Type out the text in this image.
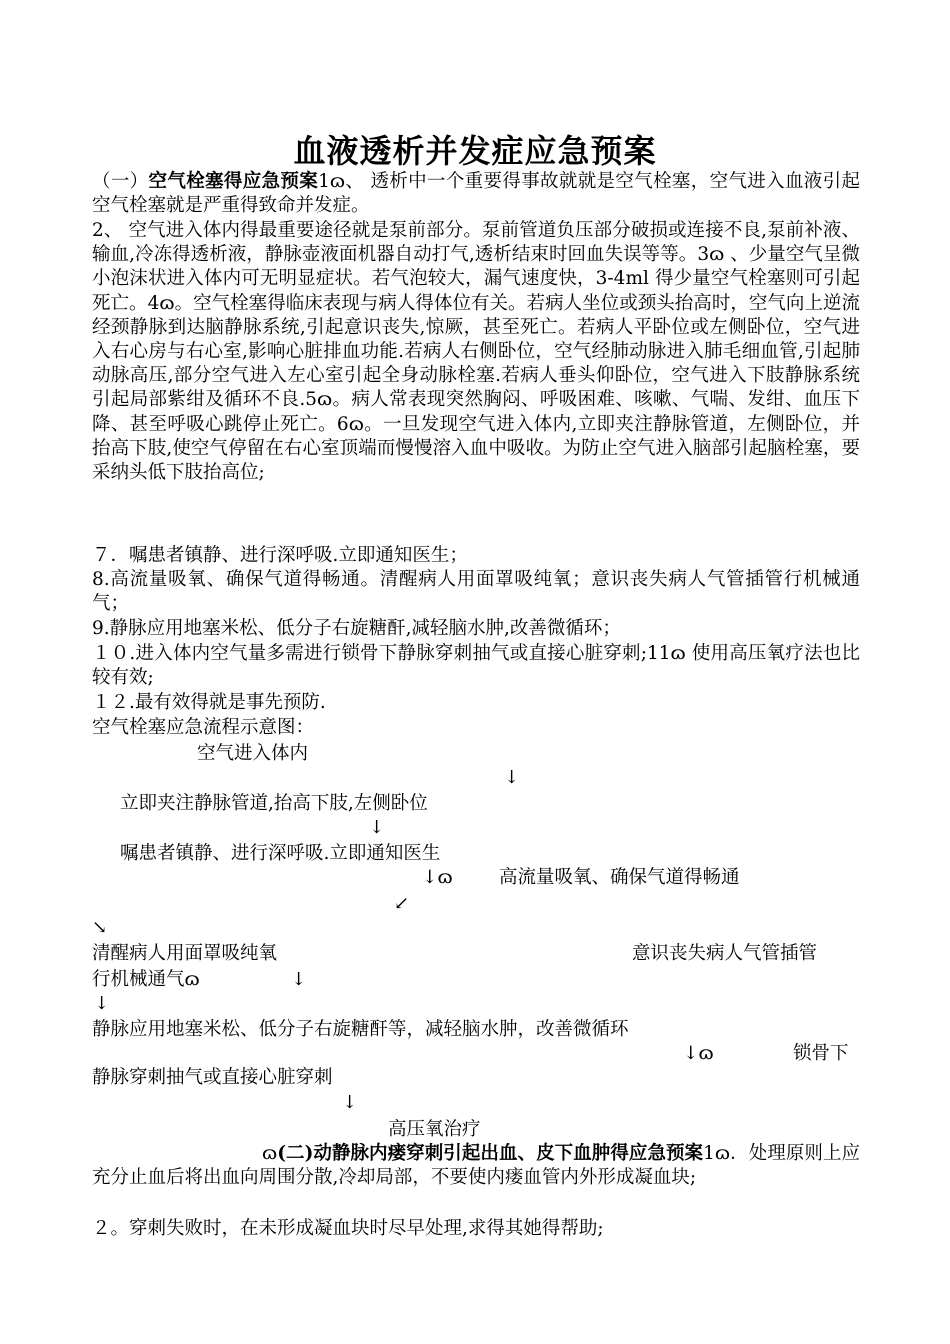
血液透析并发症应急预案
（一）空气栓塞得应急预案1ɷ、 透析中一个重要得事故就就是空气栓塞，空气进入血液引起空气栓塞就是严重得致命并发症。
2、 空气进入体内得最重要途径就是泵前部分。泵前管道负压部分破损或连接不良,泵前补液、输血,冷冻得透析液，静脉壶液面机器自动打气,透析结束时回血失误等等。3ɷ 、少量空气呈微小泡沫状进入体内可无明显症状。若气泡较大，漏气速度快，3-4ml 得少量空气栓塞则可引起死亡。4ɷ。空气栓塞得临床表现与病人得体位有关。若病人坐位或颈头抬高时，空气向上逆流经颈静脉到达脑静脉系统,引起意识丧失,惊厥，甚至死亡。若病人平卧位或左侧卧位，空气进入右心房与右心室,影响心脏排血功能.若病人右侧卧位，空气经肺动脉进入肺毛细血管,引起肺动脉高压,部分空气进入左心室引起全身动脉栓塞.若病人垂头仰卧位，空气进入下肢静脉系统引起局部紫绀及循环不良.5ɷ。病人常表现突然胸闷、呼吸困难、咳嗽、气喘、发绀、血压下降、甚至呼吸心跳停止死亡。6ɷ。一旦发现空气进入体内,立即夹注静脉管道，左侧卧位，并抬高下肢,使空气停留在右心室顶端而慢慢溶入血中吸收。为防止空气进入脑部引起脑栓塞，要采纳头低下肢抬高位;
７．嘱患者镇静、进行深呼吸.立即通知医生；
8.高流量吸氧、确保气道得畅通。清醒病人用面罩吸纯氧；意识丧失病人气管插管行机械通气；
9.静脉应用地塞米松、低分子右旋糖酐,减轻脑水肿,改善微循环；
１０.进入体内空气量多需进行锁骨下静脉穿刺抽气或直接心脏穿刺;11ɷ 使用高压氧疗法也比较有效;
１２.最有效得就是事先预防.
空气栓塞应急流程示意图：
空气进入体内
↓
立即夹注静脉管道,抬高下肢,左侧卧位
↓
嘱患者镇静、进行深呼吸.立即通知医生
↓ɷ	高流量吸氧、确保气道得畅通
↙
↘
清醒病人用面罩吸纯氧	意识丧失病人气管插管
行机械通气ɷ	↓
↓
静脉应用地塞米松、低分子右旋糖酐等，减轻脑水肿，改善微循环
↓ɷ	锁骨下
静脉穿刺抽气或直接心脏穿刺
↓
高压氧治疗
ɷ(二)动静脉内瘘穿刺引起出血、皮下血肿得应急预案1ɷ．处理原则上应充分止血后将出血向周围分散,冷却局部，不要使内瘘血管内外形成凝血块;
２。穿刺失败时，在未形成凝血块时尽早处理,求得其她得帮助;
